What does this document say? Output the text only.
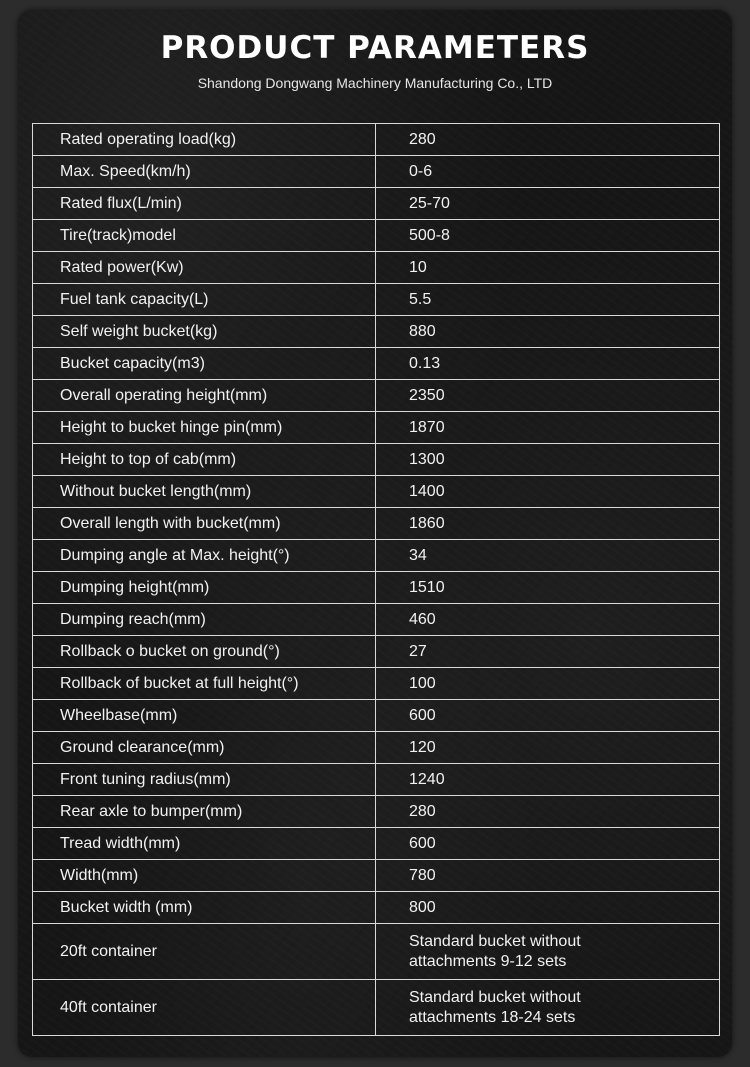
PRODUCT PARAMETERS
Shandong Dongwang Machinery Manufacturing Co., LTD
Rated operating load(kg)	280
Max. Speed(km/h)	0-6
Rated flux(L/min)	25-70
Tire(track)model	500-8
Rated power(Kw)	10
Fuel tank capacity(L)	5.5
Self weight bucket(kg)	880
Bucket capacity(m3)	0.13
Overall operating height(mm)	2350
Height to bucket hinge pin(mm)	1870
Height to top of cab(mm)	1300
Without bucket length(mm)	1400
Overall length with bucket(mm)	1860
Dumping angle at Max. height(°)	34
Dumping height(mm)	1510
Dumping reach(mm)	460
Rollback o bucket on ground(°)	27
Rollback of bucket at full height(°)	100
Wheelbase(mm)	600
Ground clearance(mm)	120
Front tuning radius(mm)	1240
Rear axle to bumper(mm)	280
Tread width(mm)	600
Width(mm)	780
Bucket width (mm)	800
20ft container	Standard bucket without
attachments 9-12 sets
40ft container	Standard bucket without
attachments 18-24 sets
